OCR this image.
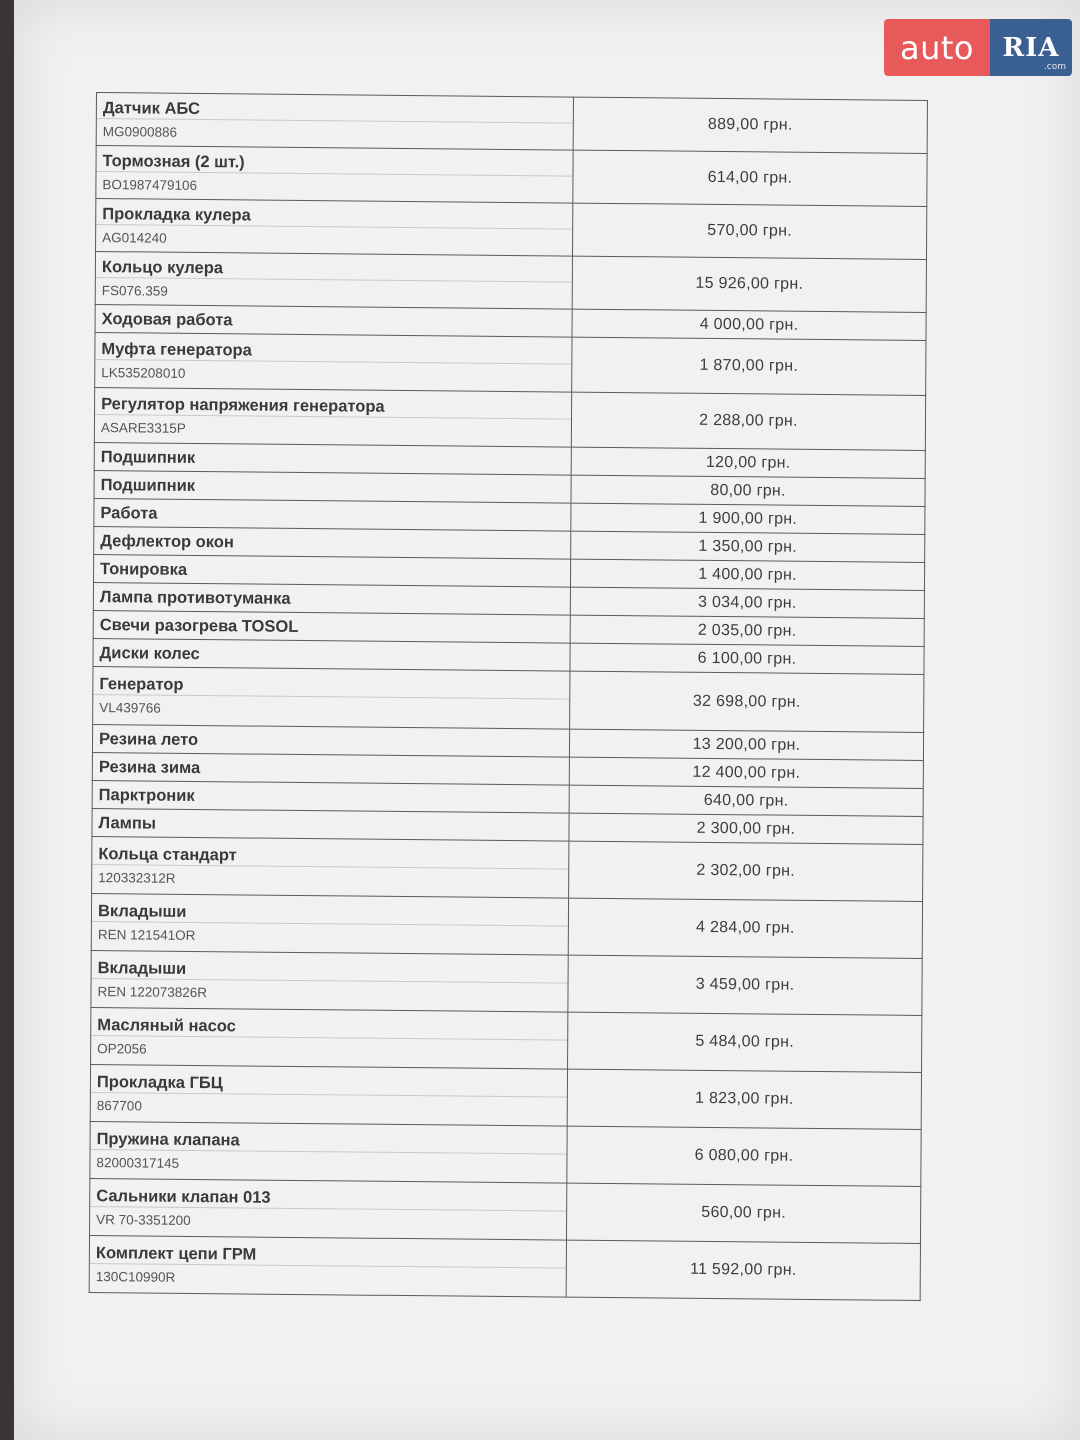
auto	RIA
.com
Датчик АБС
MG0900886	889,00 грн.

Тормозная (2 шт.)
BO1987479106	614,00 грн.

Прокладка кулера
AG014240	570,00 грн.

Кольцо кулера
FS076.359	15 926,00 грн.

Ходовая работа	4 000,00 грн.

Муфта генератора
LK535208010	1 870,00 грн.

Регулятор напряжения генератора
ASARE3315P	2 288,00 грн.

Подшипник	120,00 грн.

Подшипник	80,00 грн.

Работа	1 900,00 грн.

Дефлектор окон	1 350,00 грн.

Тонировка	1 400,00 грн.

Лампа противотуманка	3 034,00 грн.

Свечи разогрева TOSOL	2 035,00 грн.

Диски колес	6 100,00 грн.

Генератор
VL439766	32 698,00 грн.

Резина лето	13 200,00 грн.

Резина зима	12 400,00 грн.

Парктроник	640,00 грн.

Лампы	2 300,00 грн.

Кольца стандарт
120332312R	2 302,00 грн.

Вкладыши
REN 121541OR	4 284,00 грн.

Вкладыши
REN 122073826R	3 459,00 грн.

Масляный насос
OP2056	5 484,00 грн.

Прокладка ГБЦ
867700	1 823,00 грн.

Пружина клапана
82000317145	6 080,00 грн.

Сальники клапан 013
VR 70-3351200	560,00 грн.

Комплект цепи ГРМ
130C10990R	11 592,00 грн.
